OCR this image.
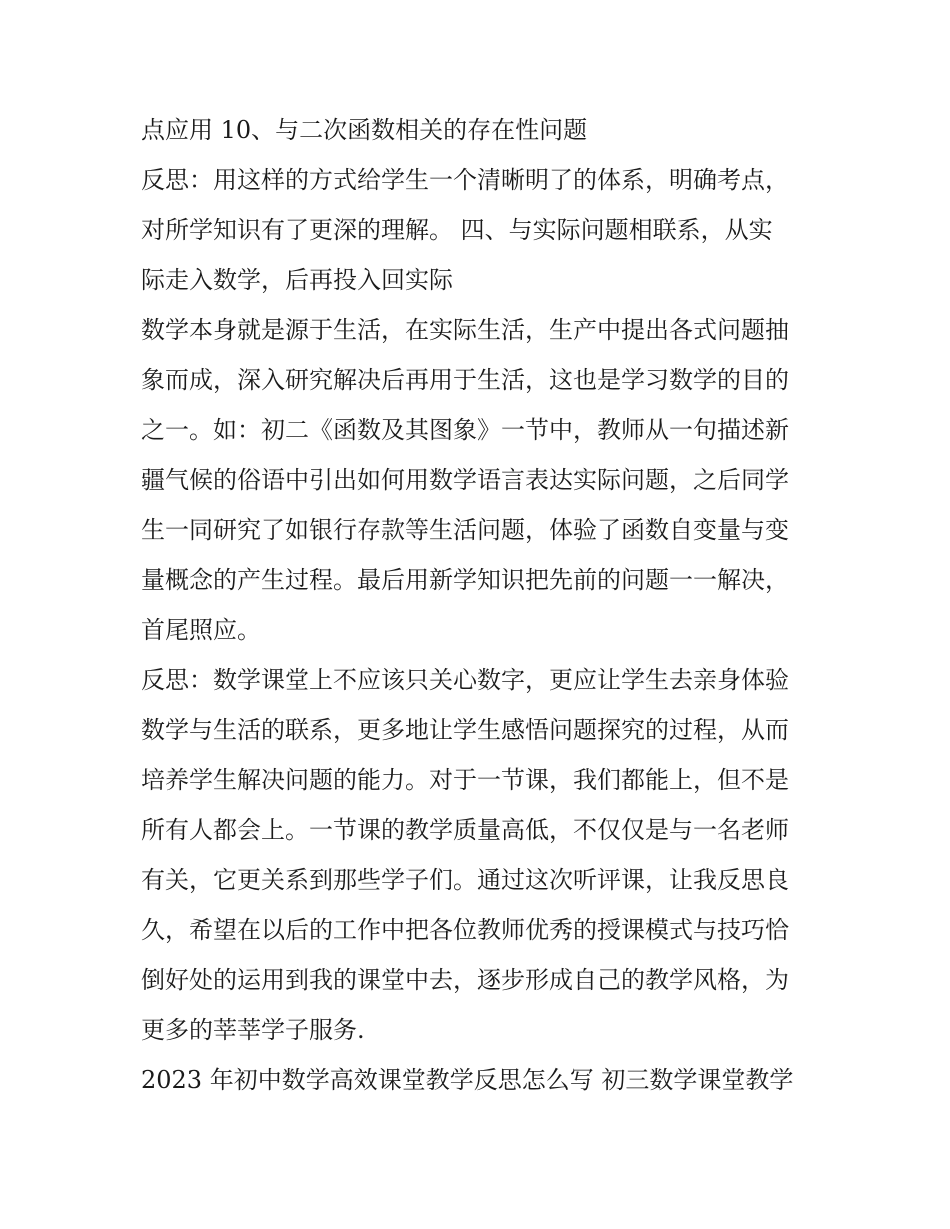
点应用 10、与二次函数相关的存在性问题
反思：用这样的方式给学生一个清晰明了的体系，明确考点，
对所学知识有了更深的理解。 四、与实际问题相联系，从实
际走入数学，后再投入回实际
数学本身就是源于生活，在实际生活，生产中提出各式问题抽
象而成，深入研究解决后再用于生活，这也是学习数学的目的
之一。如：初二《函数及其图象》一节中，教师从一句描述新
疆气候的俗语中引出如何用数学语言表达实际问题，之后同学
生一同研究了如银行存款等生活问题，体验了函数自变量与变
量概念的产生过程。最后用新学知识把先前的问题一一解决，
首尾照应。
反思：数学课堂上不应该只关心数字，更应让学生去亲身体验
数学与生活的联系，更多地让学生感悟问题探究的过程，从而
培养学生解决问题的能力。对于一节课，我们都能上，但不是
所有人都会上。一节课的教学质量高低，不仅仅是与一名老师
有关，它更关系到那些学子们。通过这次听评课，让我反思良
久，希望在以后的工作中把各位教师优秀的授课模式与技巧恰
倒好处的运用到我的课堂中去，逐步形成自己的教学风格，为
更多的莘莘学子服务.
2023 年初中数学高效课堂教学反思怎么写 初三数学课堂教学
